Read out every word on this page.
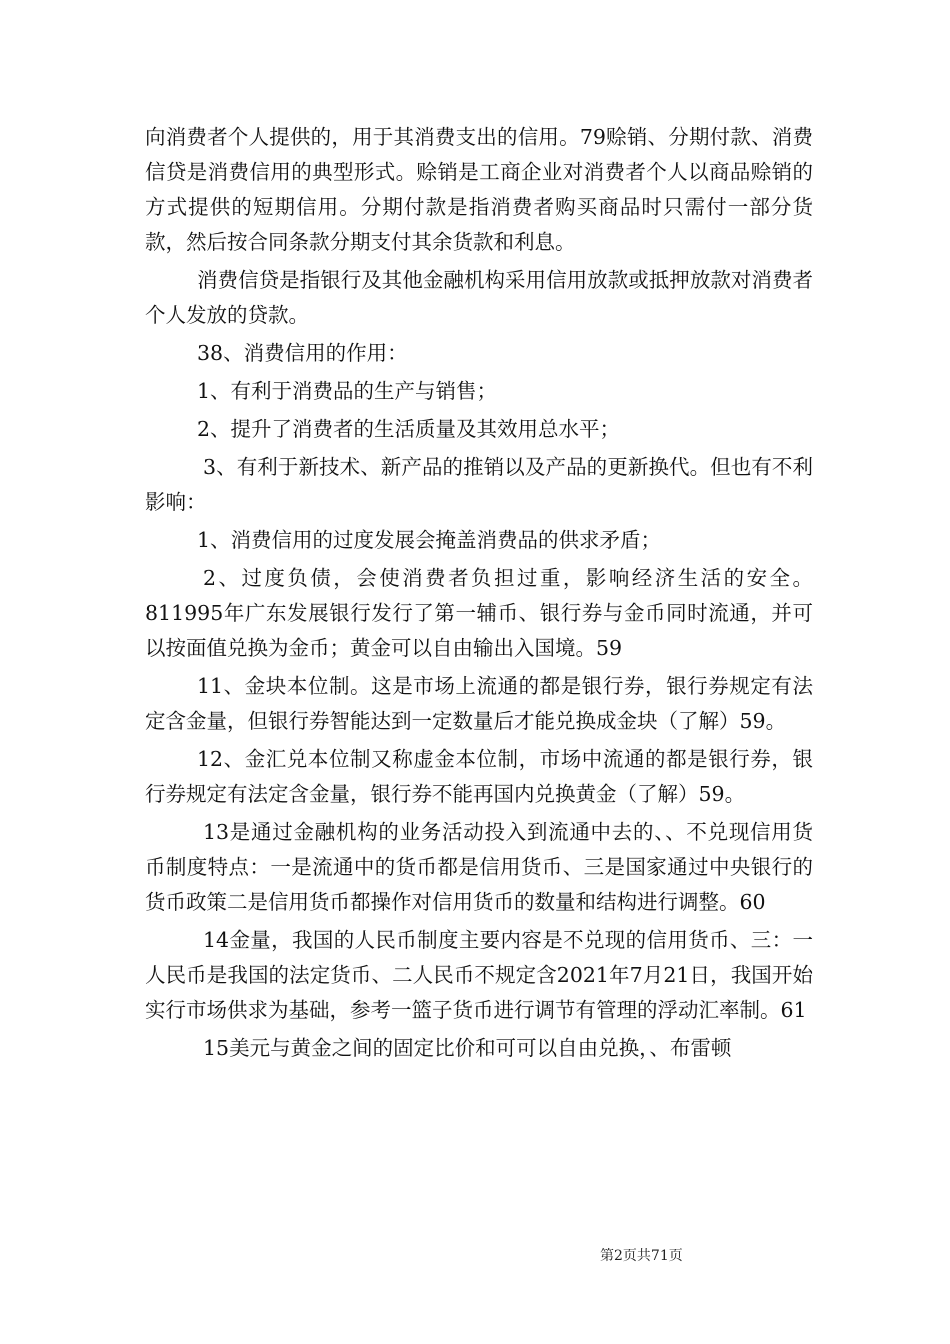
向消费者个人提供的，用于其消费支出的信用。79赊销、分期付款、消费信贷是消费信用的典型形式。赊销是工商企业对消费者个人以商品赊销的方式提供的短期信用。分期付款是指消费者购买商品时只需付一部分货款，然后按合同条款分期支付其余货款和利息。

消费信贷是指银行及其他金融机构采用信用放款或抵押放款对消费者个人发放的贷款。

38、消费信用的作用：

1、有利于消费品的生产与销售；

2、提升了消费者的生活质量及其效用总水平；

3、有利于新技术、新产品的推销以及产品的更新换代。但也有不利影响：

1、消费信用的过度发展会掩盖消费品的供求矛盾；

2、过度负债，会使消费者负担过重，影响经济生活的安全。811995年广东发展银行发行了第一辅币、银行券与金币同时流通，并可以按面值兑换为金币；黄金可以自由输出入国境。59

11、金块本位制。这是市场上流通的都是银行券，银行券规定有法定含金量，但银行券智能达到一定数量后才能兑换成金块（了解）59。

12、金汇兑本位制又称虚金本位制，市场中流通的都是银行券，银行券规定有法定含金量，银行券不能再国内兑换黄金（了解）59。

13是通过金融机构的业务活动投入到流通中去的、、不兑现信用货币制度特点：一是流通中的货币都是信用货币、三是国家通过中央银行的货币政策二是信用货币都操作对信用货币的数量和结构进行调整。60

14金量，我国的人民币制度主要内容是不兑现的信用货币、三：一人民币是我国的法定货币、二人民币不规定含2021年7月21日，我国开始实行市场供求为基础，参考一篮子货币进行调节有管理的浮动汇率制。61

15美元与黄金之间的固定比价和可可以自由兑换，、布雷顿

第2页共71页
